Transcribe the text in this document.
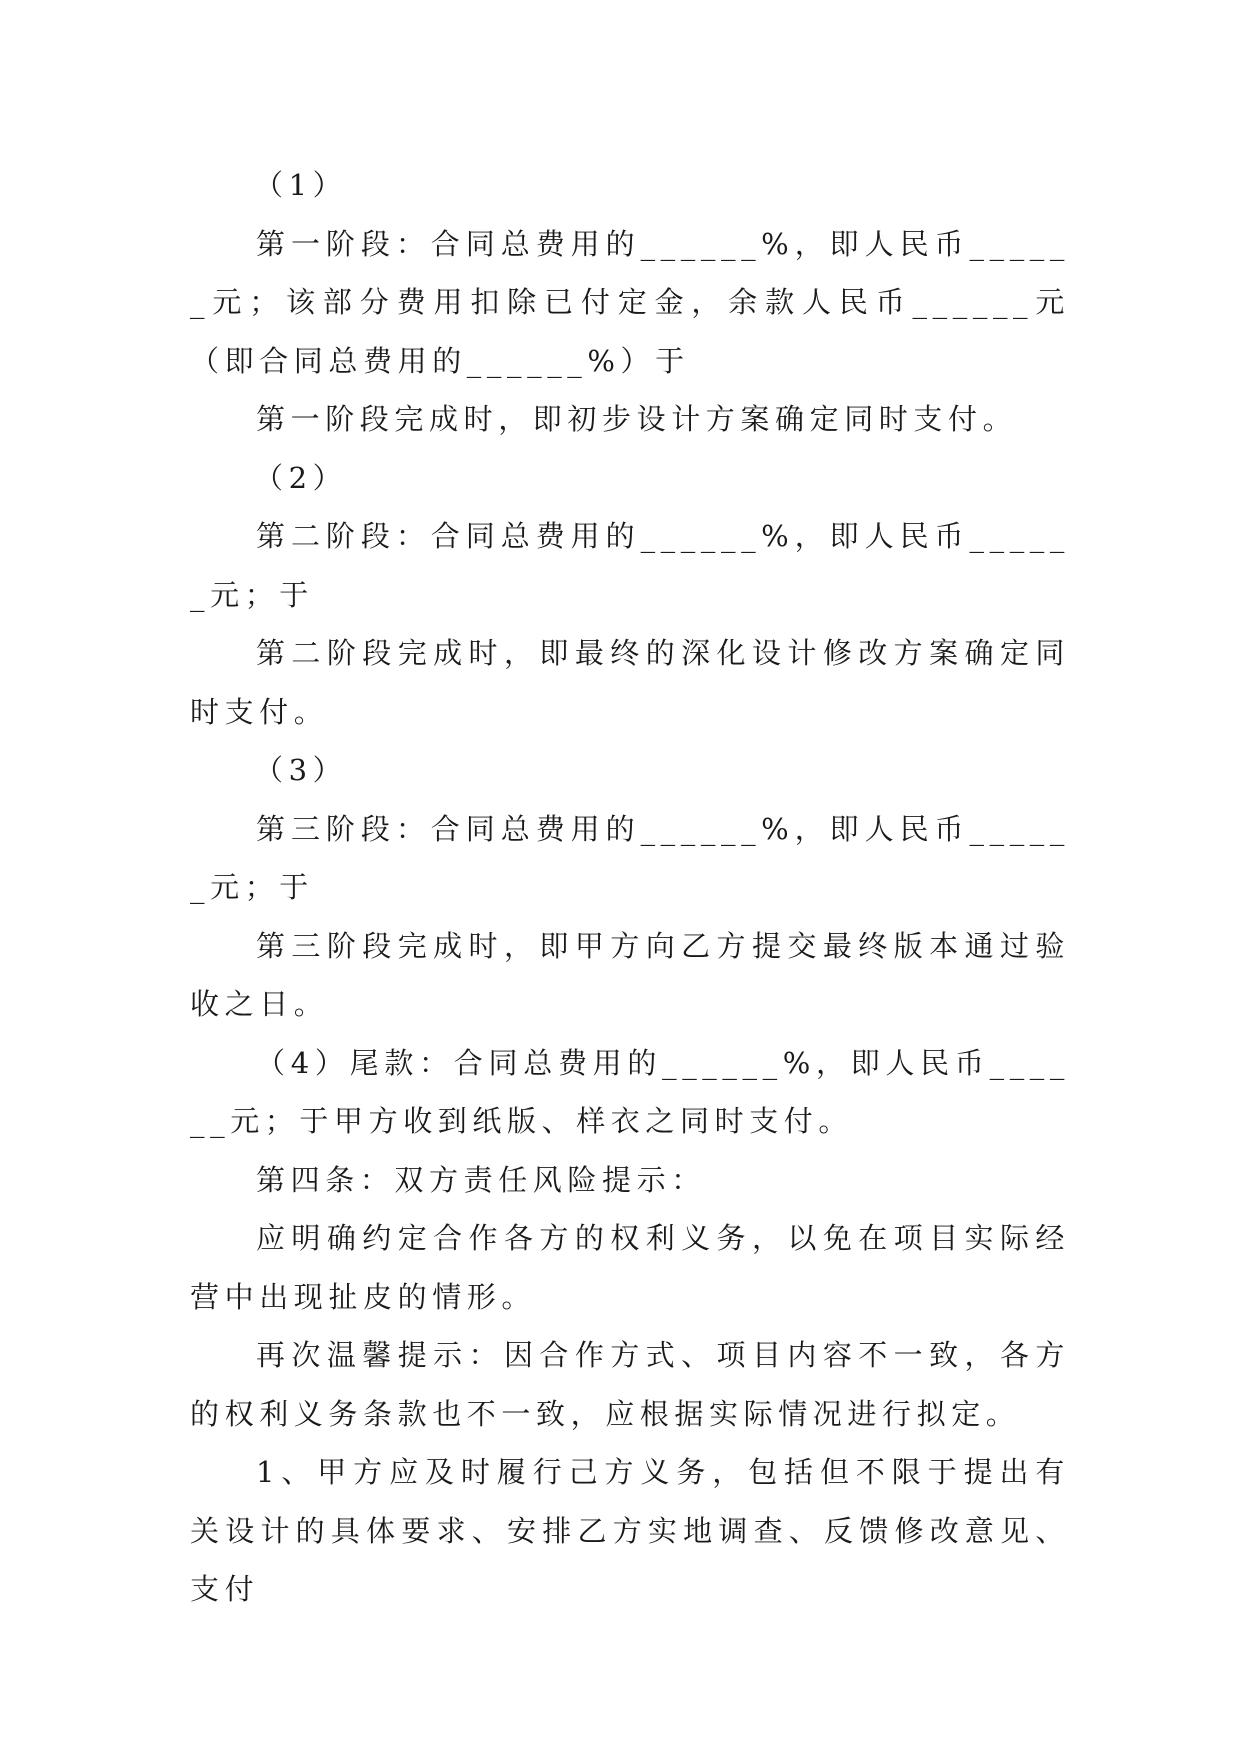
（1）

第一阶段：合同总费用的______%，即人民币______元；该部分费用扣除已付定金，余款人民币______元（即合同总费用的______%）于

第一阶段完成时，即初步设计方案确定同时支付。

（2）

第二阶段：合同总费用的______%，即人民币______元；于

第二阶段完成时，即最终的深化设计修改方案确定同时支付。

（3）

第三阶段：合同总费用的______%，即人民币______元；于

第三阶段完成时，即甲方向乙方提交最终版本通过验收之日。

（4）尾款：合同总费用的______%，即人民币______元；于甲方收到纸版、样衣之同时支付。

第四条：双方责任风险提示：

应明确约定合作各方的权利义务，以免在项目实际经营中出现扯皮的情形。

再次温馨提示：因合作方式、项目内容不一致，各方的权利义务条款也不一致，应根据实际情况进行拟定。

1、甲方应及时履行己方义务，包括但不限于提出有关设计的具体要求、安排乙方实地调查、反馈修改意见、支付
